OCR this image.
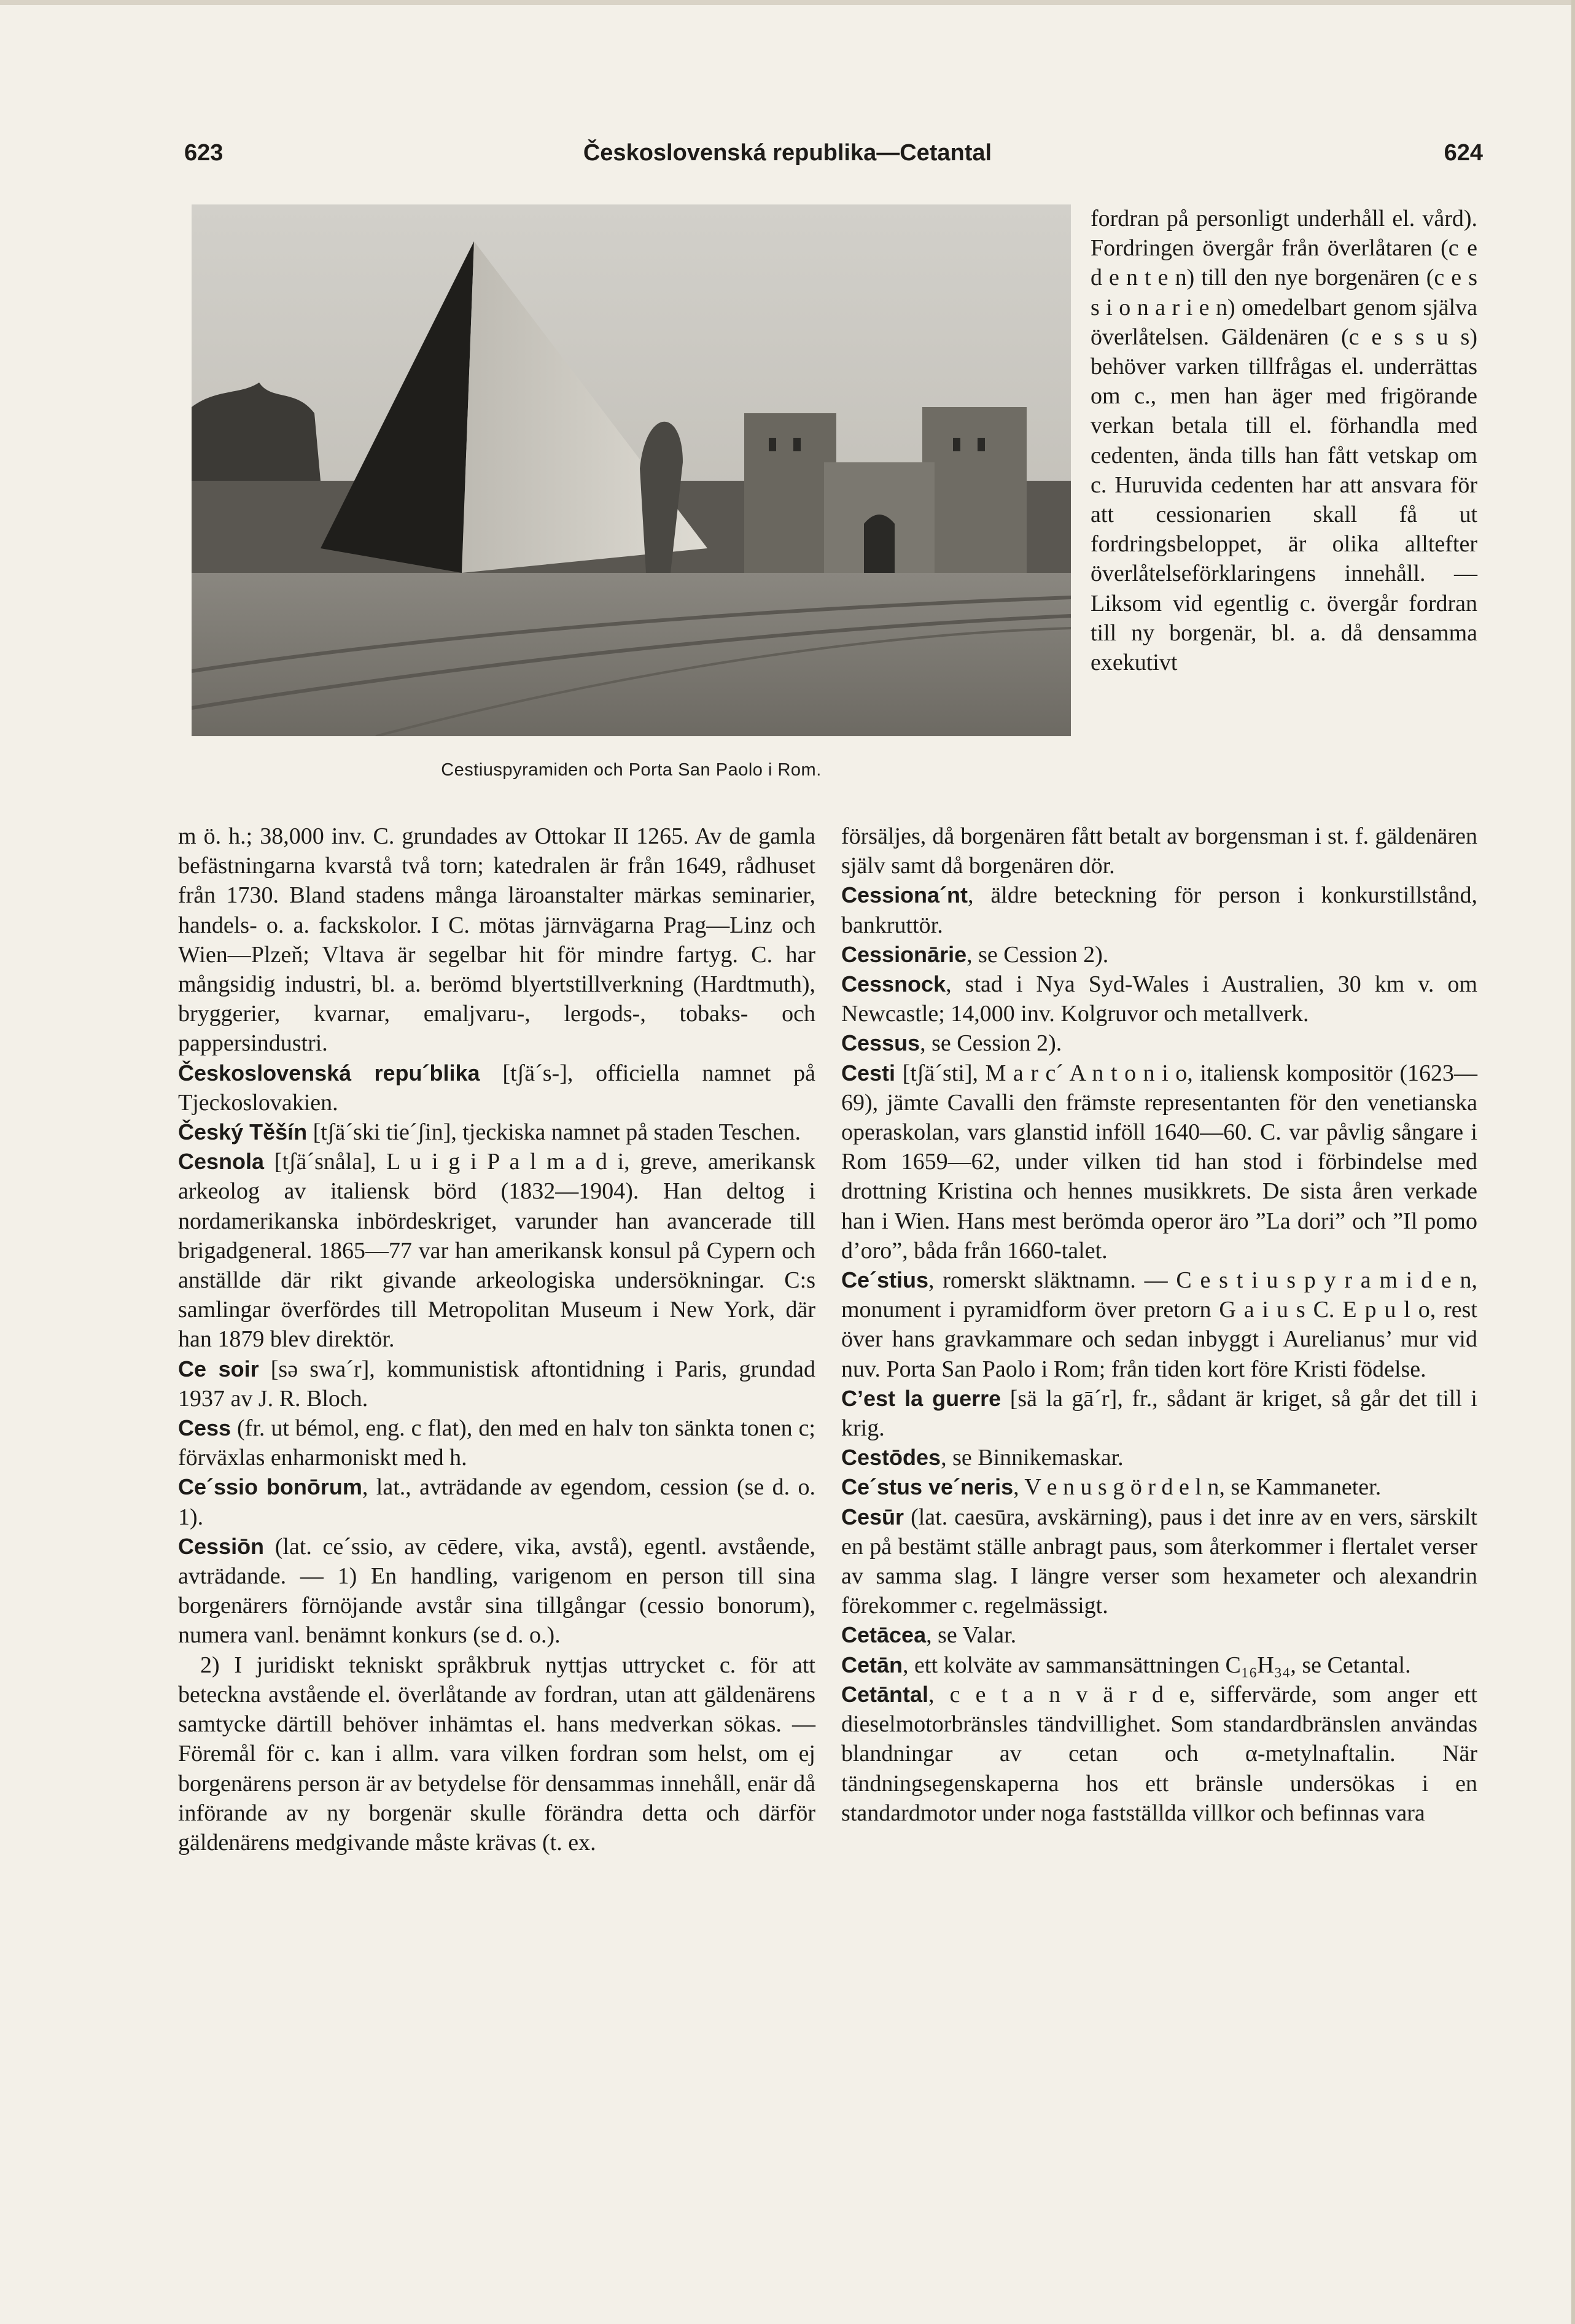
623	Československá republika—Cetantal	624
Cestiuspyramiden och Porta San Paolo i Rom.

fordran på personligt underhåll el. vård). Fordringen övergår från överlåtaren (c e d e n t e n) till den nye borgenären (c e s s i o n a r i e n) omedelbart genom själva överlåtelsen. Gäldenären (c e s s u s) behöver varken tillfrågas el. underrättas om c., men han äger med frigörande verkan betala till el. förhandla med cedenten, ända tills han fått vetskap om c. Huruvida cedenten har att ansvara för att cessionarien skall få ut fordringsbeloppet, är olika alltefter överlåtelseförklaringens innehåll. — Liksom vid egentlig c. övergår fordran till ny borgenär, bl. a. då densamma exekutivt

m ö. h.; 38,000 inv. C. grundades av Ottokar II 1265. Av de gamla befästningarna kvarstå två torn; katedralen är från 1649, rådhuset från 1730. Bland stadens många läroanstalter märkas seminarier, handels- o. a. fackskolor. I C. mötas järnvägarna Prag—Linz och Wien—Plzeň; Vltava är segelbar hit för mindre fartyg. C. har mångsidig industri, bl. a. berömd blyertstillverkning (Hardtmuth), bryggerier, kvarnar, emaljvaru-, lergods-, tobaks- och pappersindustri.

Československá repu´blika [tʃä´s-], officiella namnet på Tjeckoslovakien.

Český Těšín [tʃä´ski tie´ʃin], tjeckiska namnet på staden Teschen.

Cesnola [tʃä´snåla], L u i g i P a l m a d i, greve, amerikansk arkeolog av italiensk börd (1832—1904). Han deltog i nordamerikanska inbördeskriget, varunder han avancerade till brigadgeneral. 1865—77 var han amerikansk konsul på Cypern och anställde där rikt givande arkeologiska undersökningar. C:s samlingar överfördes till Metropolitan Museum i New York, där han 1879 blev direktör.

Ce soir [sə swa´r], kommunistisk aftontidning i Paris, grundad 1937 av J. R. Bloch.

Cess (fr. ut bémol, eng. c flat), den med en halv ton sänkta tonen c; förväxlas enharmoniskt med h.

Ce´ssio bonōrum, lat., avträdande av egendom, cession (se d. o. 1).

Cessiōn (lat. ce´ssio, av cēdere, vika, avstå), egentl. avstående, avträdande. — 1) En handling, varigenom en person till sina borgenärers förnöjande avstår sina tillgångar (cessio bonorum), numera vanl. benämnt konkurs (se d. o.).

2) I juridiskt tekniskt språkbruk nyttjas uttrycket c. för att beteckna avstående el. överlåtande av fordran, utan att gäldenärens samtycke därtill behöver inhämtas el. hans medverkan sökas. — Föremål för c. kan i allm. vara vilken fordran som helst, om ej borgenärens person är av betydelse för densammas innehåll, enär då införande av ny borgenär skulle förändra detta och därför gäldenärens medgivande måste krävas (t. ex.

försäljes, då borgenären fått betalt av borgensman i st. f. gäldenären själv samt då borgenären dör.

Cessiona´nt, äldre beteckning för person i konkurstillstånd, bankruttör.

Cessionārie, se Cession 2).

Cessnock, stad i Nya Syd-Wales i Australien, 30 km v. om Newcastle; 14,000 inv. Kolgruvor och metallverk.

Cessus, se Cession 2).

Cesti [tʃä´sti], M a r c´ A n t o n i o, italiensk kompositör (1623—69), jämte Cavalli den främste representanten för den venetianska operaskolan, vars glanstid inföll 1640—60. C. var påvlig sångare i Rom 1659—62, under vilken tid han stod i förbindelse med drottning Kristina och hennes musikkrets. De sista åren verkade han i Wien. Hans mest berömda operor äro ”La dori” och ”Il pomo d’oro”, båda från 1660-talet.

Ce´stius, romerskt släktnamn. — C e s t i u s p y r a m i d e n, monument i pyramidform över pretorn G a i u s C. E p u l o, rest över hans gravkammare och sedan inbyggt i Aurelianus’ mur vid nuv. Porta San Paolo i Rom; från tiden kort före Kristi födelse.

C’est la guerre [sä la gā´r], fr., sådant är kriget, så går det till i krig.

Cestōdes, se Binnikemaskar.

Ce´stus ve´neris, V e n u s g ö r d e l n, se Kammaneter.

Cesūr (lat. caesūra, avskärning), paus i det inre av en vers, särskilt en på bestämt ställe anbragt paus, som återkommer i flertalet verser av samma slag. I längre verser som hexameter och alexandrin förekommer c. regelmässigt.

Cetācea, se Valar.

Cetān, ett kolväte av sammansättningen C₁₆H₃₄, se Cetantal.

Cetāntal, c e t a n v ä r d e, siffervärde, som anger ett dieselmotorbränsles tändvillighet. Som standardbränslen användas blandningar av cetan och α-metylnaftalin. När tändningsegenskaperna hos ett bränsle undersökas i en standardmotor under noga fastställda villkor och befinnas vara
